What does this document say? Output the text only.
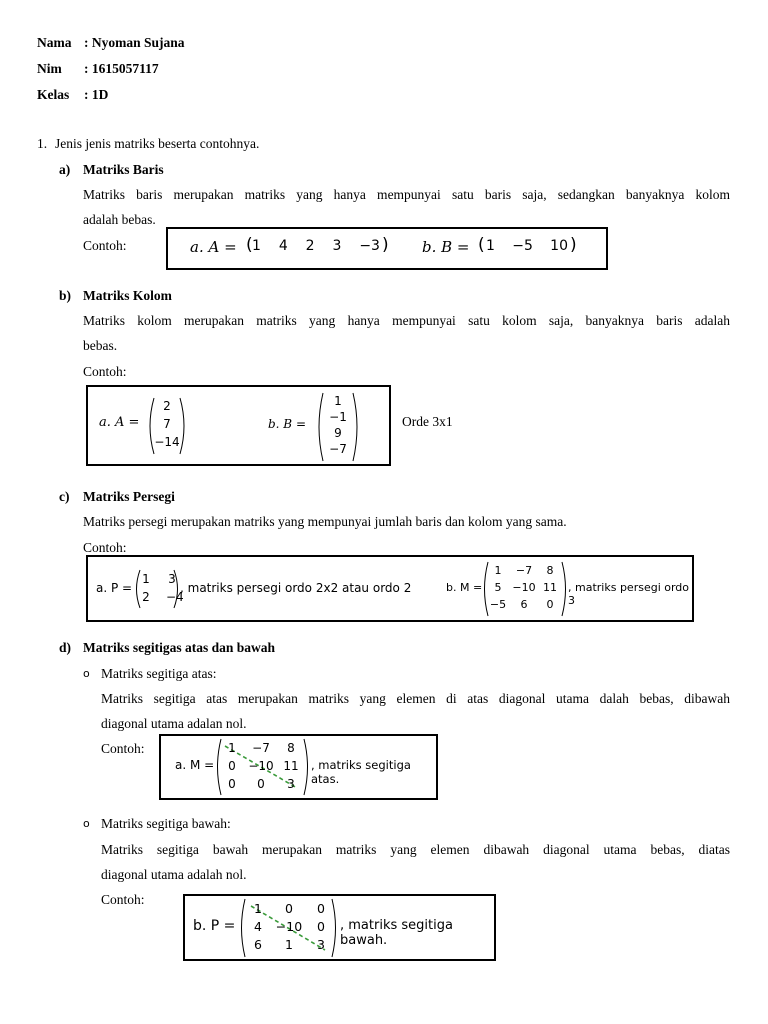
Nama : Nyoman Sujana
Nim : 1615057117
Kelas : 1D
1. Jenis jenis matriks beserta contohnya.
a) Matriks Baris
Matriks baris merupakan matriks yang hanya mempunyai satu baris saja, sedangkan banyaknya kolom
adalah bebas.
Contoh:	a. A = ( 1 4 2 3 −3 ) b. B = ( 1 −5 10 )
b) Matriks Kolom
Matriks kolom merupakan matriks yang hanya mempunyai satu kolom saja, banyaknya baris adalah
bebas.
Contoh:
a. A =
2
7
−14
b. B =
1
−1
9
−7
Orde 3x1
c) Matriks Persegi
Matriks persegi merupakan matriks yang mempunyai jumlah baris dan kolom yang sama.
Contoh:
a. P =
1 3
2 −4
, matriks persegi ordo 2x2 atau ordo 2	b. M =
1	−7	8
5 −10 11
−5	6	0
, matriks persegi ordo 3
d) Matriks segitigas atas dan bawah
o Matriks segitiga atas:
Matriks segitiga atas merupakan matriks yang elemen di atas diagonal utama dalah bebas, dibawah
diagonal utama adalan nol.
Contoh:
a. M =
1	−7	8
0	−10 11
0	0	3
, matriks segitiga atas.
o Matriks segitiga bawah:
Matriks segitiga bawah merupakan matriks yang elemen dibawah diagonal utama bebas, diatas
diagonal utama adalah nol.
Contoh:
b. P =
1	0	0
4	−10	0
6	1	3
, matriks segitiga bawah.
